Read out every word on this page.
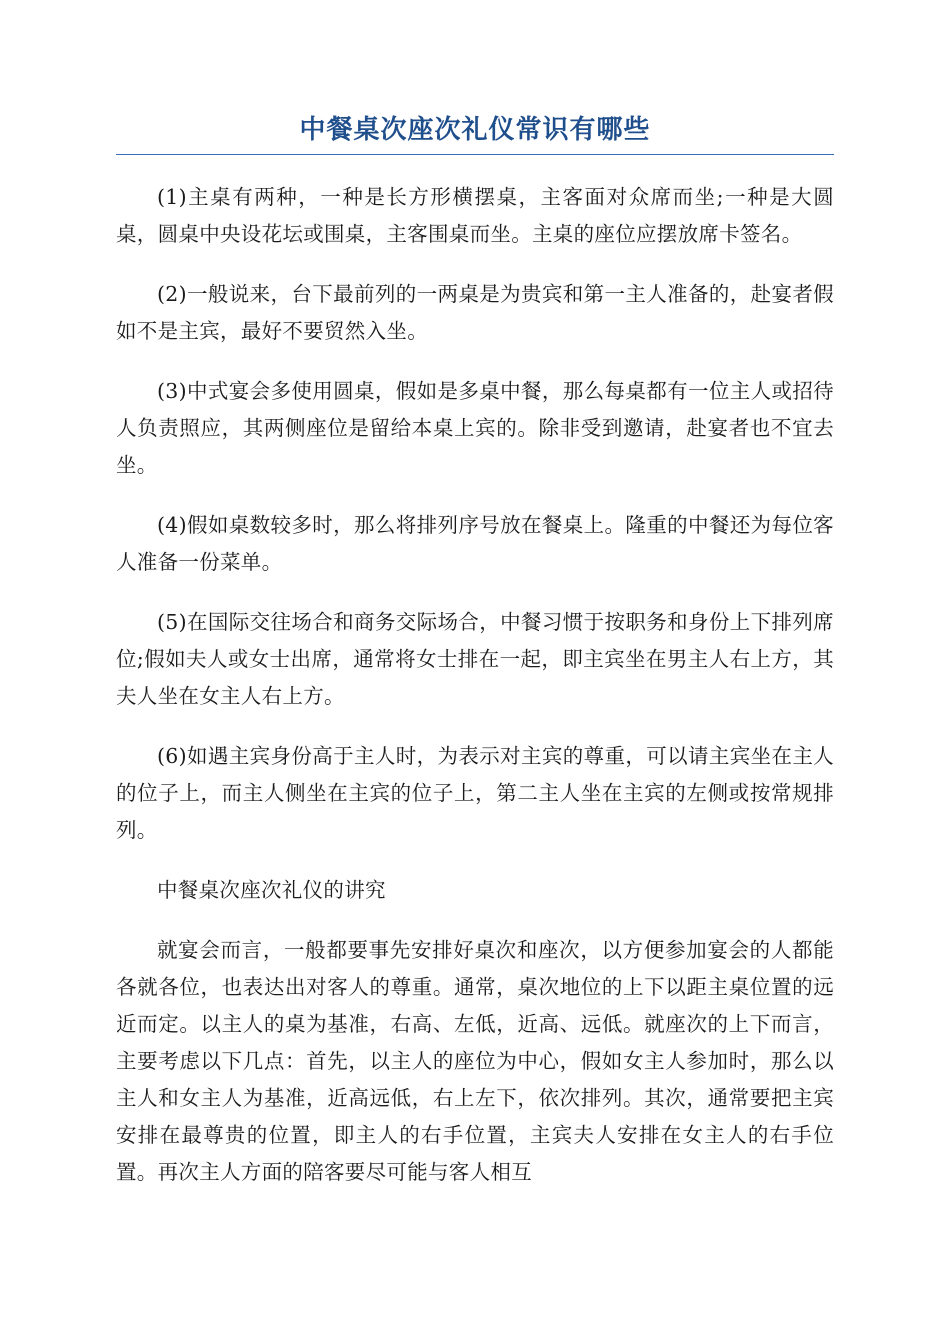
中餐桌次座次礼仪常识有哪些

(1)主桌有两种，一种是长方形横摆桌，主客面对众席而坐;一种是大圆桌，圆桌中央设花坛或围桌，主客围桌而坐。主桌的座位应摆放席卡签名。

(2)一般说来，台下最前列的一两桌是为贵宾和第一主人准备的，赴宴者假如不是主宾，最好不要贸然入坐。

(3)中式宴会多使用圆桌，假如是多桌中餐，那么每桌都有一位主人或招待人负责照应，其两侧座位是留给本桌上宾的。除非受到邀请，赴宴者也不宜去坐。

(4)假如桌数较多时，那么将排列序号放在餐桌上。隆重的中餐还为每位客人准备一份菜单。

(5)在国际交往场合和商务交际场合，中餐习惯于按职务和身份上下排列席位;假如夫人或女士出席，通常将女士排在一起，即主宾坐在男主人右上方，其夫人坐在女主人右上方。

(6)如遇主宾身份高于主人时，为表示对主宾的尊重，可以请主宾坐在主人的位子上，而主人侧坐在主宾的位子上，第二主人坐在主宾的左侧或按常规排列。

中餐桌次座次礼仪的讲究

就宴会而言，一般都要事先安排好桌次和座次，以方便参加宴会的人都能各就各位，也表达出对客人的尊重。通常，桌次地位的上下以距主桌位置的远近而定。以主人的桌为基准，右高、左低，近高、远低。就座次的上下而言，主要考虑以下几点：首先，以主人的座位为中心，假如女主人参加时，那么以主人和女主人为基准，近高远低，右上左下，依次排列。其次，通常要把主宾安排在最尊贵的位置，即主人的右手位置，主宾夫人安排在女主人的右手位置。再次主人方面的陪客要尽可能与客人相互
